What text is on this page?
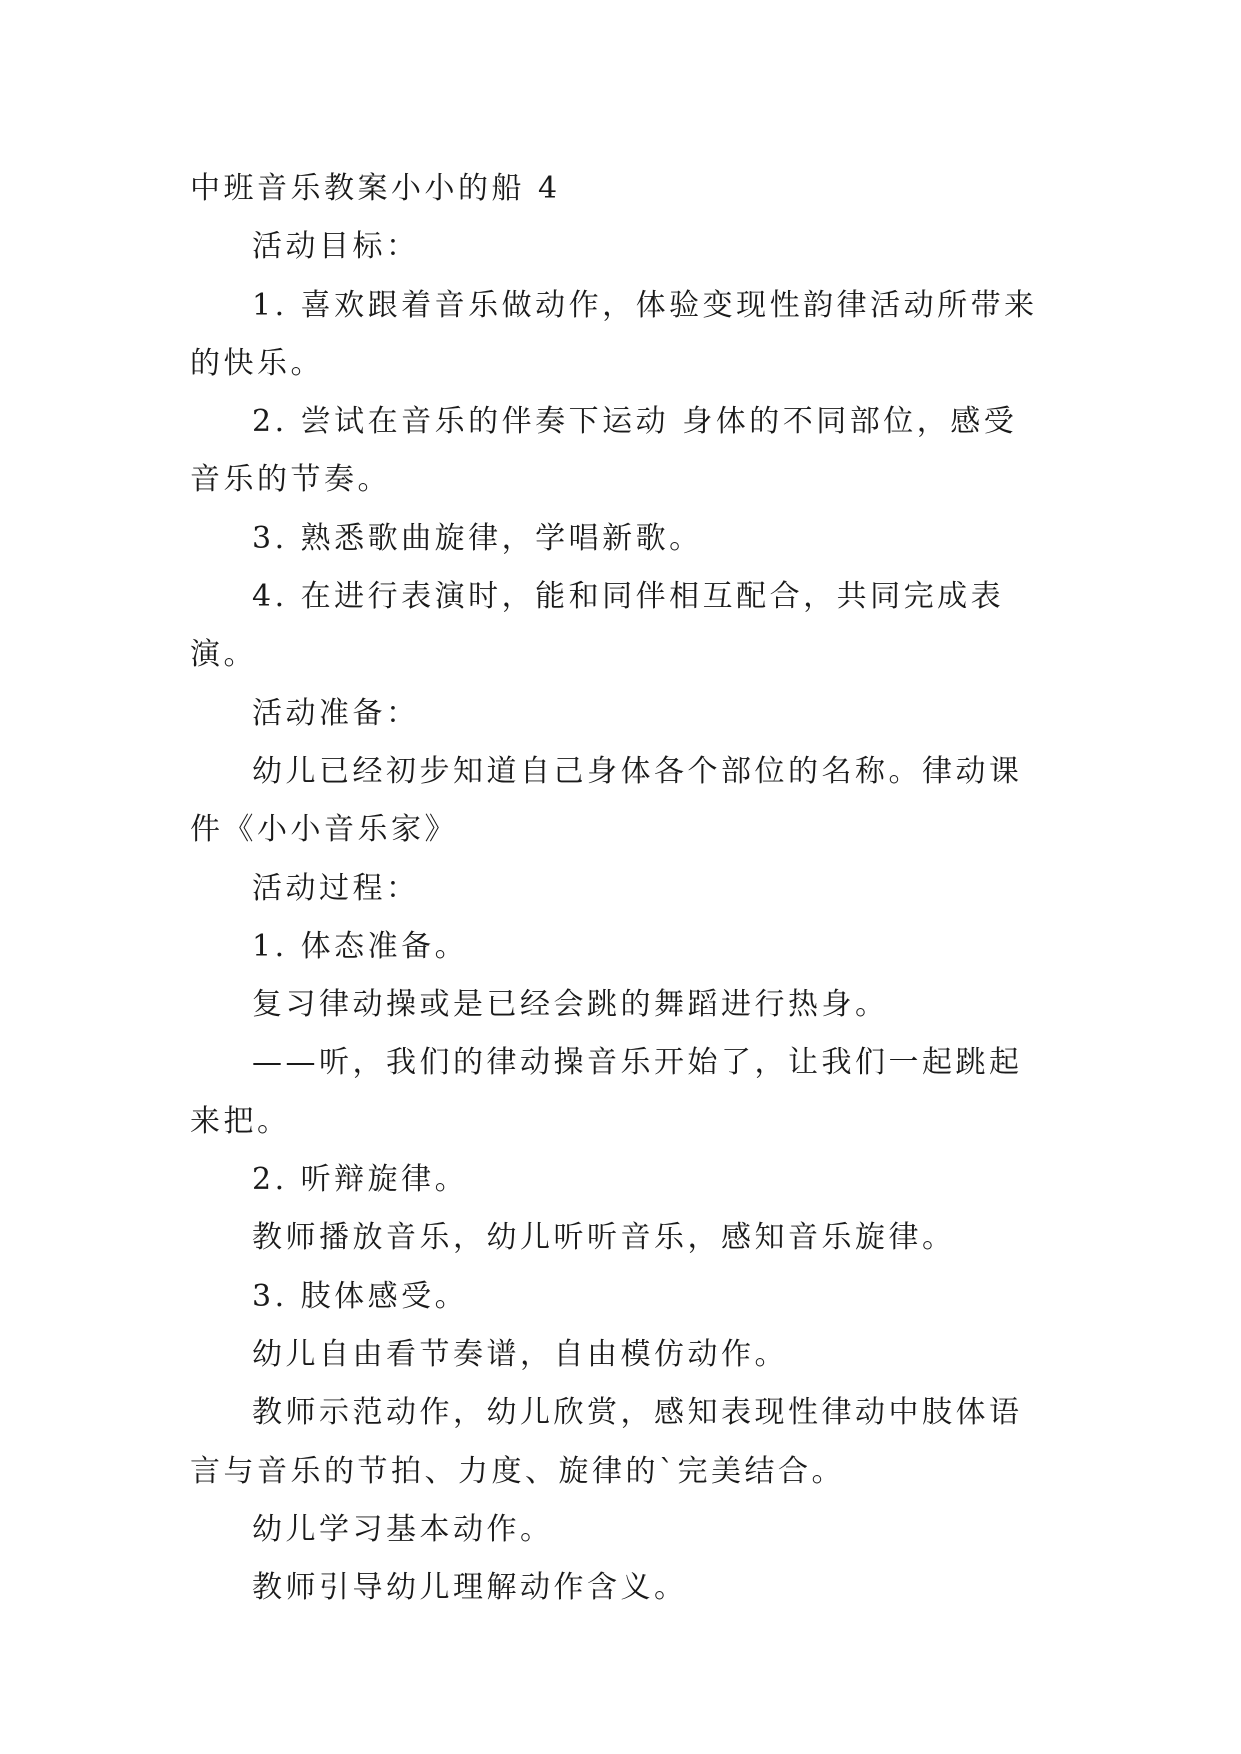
中班音乐教案小小的船 4

活动目标：

1. 喜欢跟着音乐做动作，体验变现性韵律活动所带来的快乐。

2. 尝试在音乐的伴奏下运动 身体的不同部位，感受音乐的节奏。

3. 熟悉歌曲旋律，学唱新歌。

4. 在进行表演时，能和同伴相互配合，共同完成表演。

活动准备：

幼儿已经初步知道自己身体各个部位的名称。律动课件《小小音乐家》

活动过程：

1. 体态准备。

复习律动操或是已经会跳的舞蹈进行热身。

——听，我们的律动操音乐开始了，让我们一起跳起来把。

2. 听辩旋律。

教师播放音乐，幼儿听听音乐，感知音乐旋律。

3. 肢体感受。

幼儿自由看节奏谱，自由模仿动作。

教师示范动作，幼儿欣赏，感知表现性律动中肢体语言与音乐的节拍、力度、旋律的`完美结合。

幼儿学习基本动作。

教师引导幼儿理解动作含义。
